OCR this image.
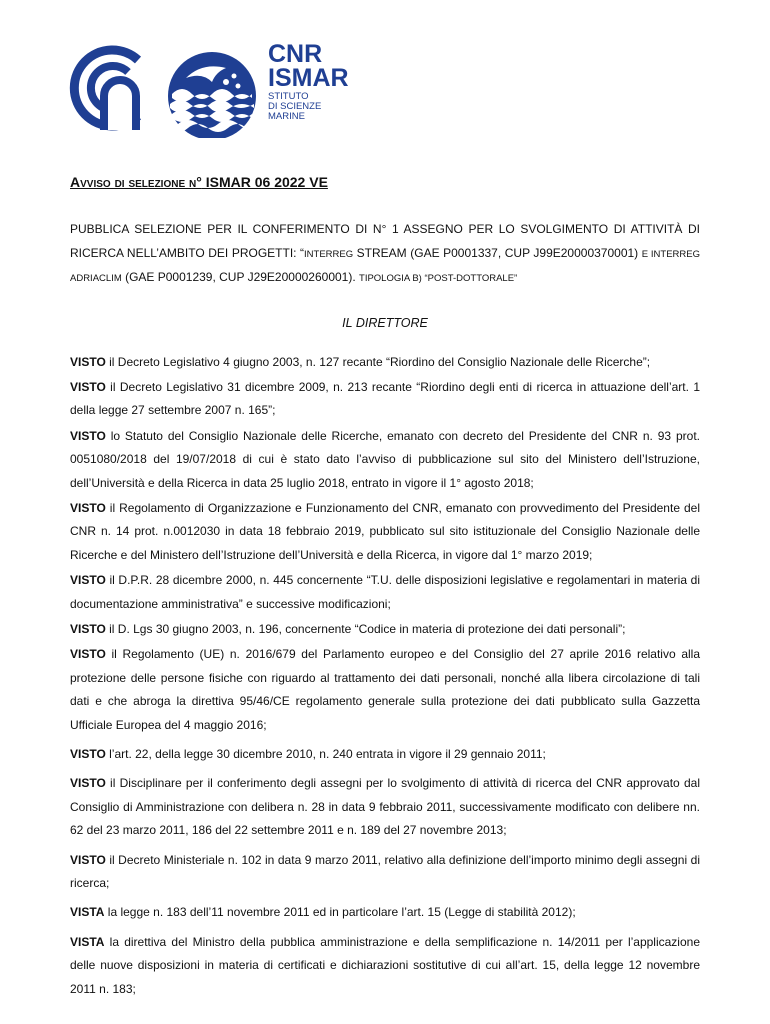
CNR
ISMAR
STITUTO
DI SCIENZE
MARINE
Avviso di selezione n° ISMAR 06 2022 VE

PUBBLICA SELEZIONE PER IL CONFERIMENTO DI N° 1 ASSEGNO PER LO SVOLGIMENTO DI ATTIVITÀ DI RICERCA NELL’AMBITO DEI PROGETTI: “INTERREG STREAM (GAE P0001337, CUP J99E20000370001) E INTERREG ADRIACLIM (GAE P0001239, CUP J29E20000260001). TIPOLOGIA B) “POST-DOTTORALE”

IL DIRETTORE

VISTO il Decreto Legislativo 4 giugno 2003, n. 127 recante “Riordino del Consiglio Nazionale delle Ricerche”;

VISTO il Decreto Legislativo 31 dicembre 2009, n. 213 recante “Riordino degli enti di ricerca in attuazione dell’art. 1 della legge 27 settembre 2007 n. 165”;

VISTO lo Statuto del Consiglio Nazionale delle Ricerche, emanato con decreto del Presidente del CNR n. 93 prot. 0051080/2018 del 19/07/2018 di cui è stato dato l’avviso di pubblicazione sul sito del Ministero dell’Istruzione, dell’Università e della Ricerca in data 25 luglio 2018, entrato in vigore il 1° agosto 2018;

VISTO il Regolamento di Organizzazione e Funzionamento del CNR, emanato con provvedimento del Presidente del CNR n. 14 prot. n.0012030 in data 18 febbraio 2019, pubblicato sul sito istituzionale del Consiglio Nazionale delle Ricerche e del Ministero dell’Istruzione dell’Università e della Ricerca, in vigore dal 1° marzo 2019;

VISTO il D.P.R. 28 dicembre 2000, n. 445 concernente “T.U. delle disposizioni legislative e regolamentari in materia di documentazione amministrativa” e successive modificazioni;

VISTO il D. Lgs 30 giugno 2003, n. 196, concernente “Codice in materia di protezione dei dati personali”;

VISTO il Regolamento (UE) n. 2016/679 del Parlamento europeo e del Consiglio del 27 aprile 2016 relativo alla protezione delle persone fisiche con riguardo al trattamento dei dati personali, nonché alla libera circolazione di tali dati e che abroga la direttiva 95/46/CE regolamento generale sulla protezione dei dati pubblicato sulla Gazzetta Ufficiale Europea del 4 maggio 2016;

VISTO l’art. 22, della legge 30 dicembre 2010, n. 240 entrata in vigore il 29 gennaio 2011;

VISTO il Disciplinare per il conferimento degli assegni per lo svolgimento di attività di ricerca del CNR approvato dal Consiglio di Amministrazione con delibera n. 28 in data 9 febbraio 2011, successivamente modificato con delibere nn. 62 del 23 marzo 2011, 186 del 22 settembre 2011 e n. 189 del 27 novembre 2013;

VISTO il Decreto Ministeriale n. 102 in data 9 marzo 2011, relativo alla definizione dell’importo minimo degli assegni di ricerca;

VISTA la legge n. 183 dell’11 novembre 2011 ed in particolare l’art. 15 (Legge di stabilità 2012);

VISTA la direttiva del Ministro della pubblica amministrazione e della semplificazione n. 14/2011 per l’applicazione delle nuove disposizioni in materia di certificati e dichiarazioni sostitutive di cui all’art. 15, della legge 12 novembre 2011 n. 183;
